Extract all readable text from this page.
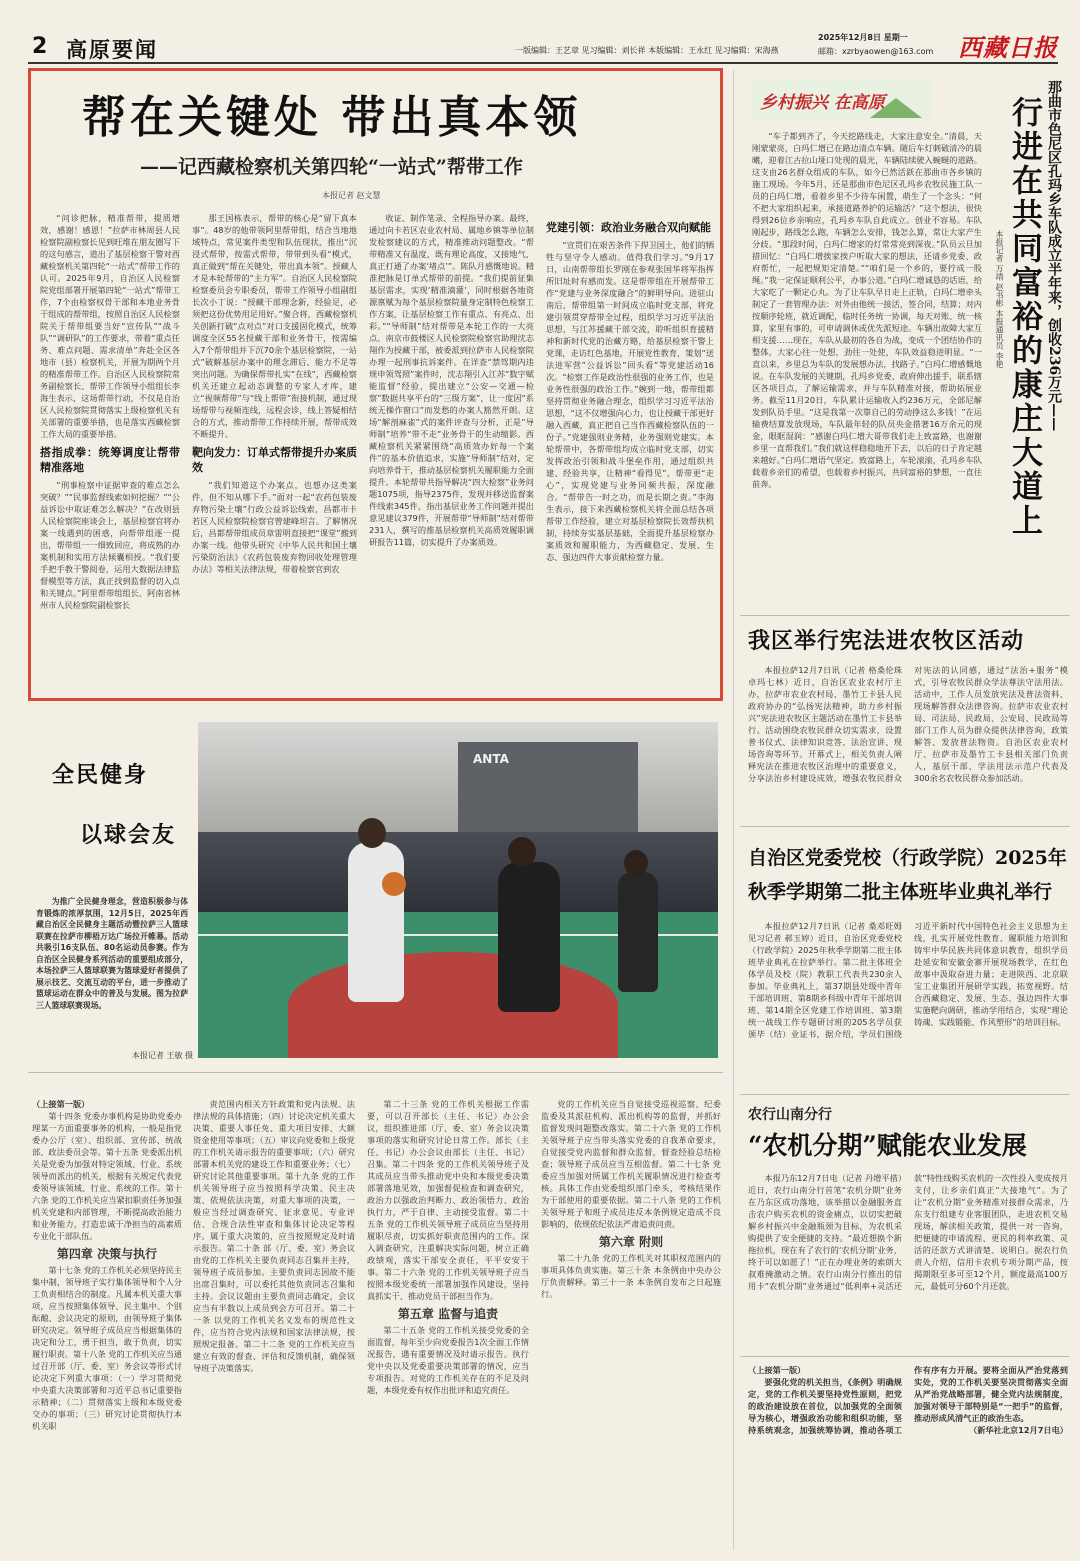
2 高原要闻	一版编辑：王艺章 见习编辑：刘长祥 本版编辑：王永红 见习编辑：宋海燕
2025年12月8日 星期一
邮箱：xzrbyaowen@163.com 西藏日报
帮在关键处 带出真本领
——记西藏检察机关第四轮“一站式”帮带工作
本报记者 赵文慧

“问诊把脉，精准帮带，提质增效，感谢！感恩！”拉萨市林周县人民检察院副检察长见到旺堆在朋友圈写下的这句感言，道出了基层检察干警对西藏检察机关第四轮“一站式”帮带工作的认可。2025年9月，自治区人民检察院党组部署开展第四轮“一站式”帮带工作，7个由检察权骨干部和本地业务骨干组成的帮带组，按照自治区人民检察院关于帮带组要当好“宣传队”“战斗队”“调研队”的工作要求，带着“重点任务、难点问题、需求清单”奔赴全区各地市（县）检察机关，开展为期两个月的精准帮带工作。自治区人民检察院常务副检察长、帮带工作领导小组组长李海生表示，这场帮带行动，不仅是自治区人民检察院贯彻落实上级检察机关有关部署的重要举措，也是落实西藏检察工作大局的重要举措。

搭指成拳：统筹调度让帮带精准落地

“刑事检察中证据审查的难点怎么突破？”“民事监督线索如何挖掘？”“公益诉讼中取证难怎么解决？”在改则县人民检察院座谈会上，基层检察官将办案一线遇到的困惑，向帮带组逐一提出，帮带组一一细致回应，将成熟的办案机制和实用方法倾囊相授。“我们要手把手教干警阅卷，运用大数据法律监督模型等方法，真正找到监督的切入点和关键点。”阿里帮带组组长、阿南省林州市人民检察院副检察长

那王国栋表示，帮带的核心是“留下真本事”。48岁的他带领阿里帮带组，结合当地地域特点，常见案件类型和队伍现状，推出“沉浸式帮带，按需式帮带，带带到头看“模式，真正做到“帮在关键处，带出真本领”。授藏人才是本轮帮带的“主力军”。自治区人民检察院检察委员会专职委员，帮带工作领导小组副组长次小丁说：“授藏干部理念新，经验足，必须把这份优势用足用好。”聚合将，西藏检察机关创新打破“点对点”对口支援固化模式，统筹调度全区55名授藏干部和业务骨干，按需编入7个帮带组并下沉70余个基层检察院，一站式”破解基层办案中的理念滞后、能力不足等突出问题。为确保帮带扎实“在线”，西藏检察机关还建立起动态调整的专家人才库，建立“视频帮带”与“线上帮带”衔接机制，通过现场帮带与视频连线，远程会诊，线上答疑相结合的方式，推动帮带工作持续开展，帮带成效不断提升。

靶向发力：订单式帮带提升办案质效

“我们知道这个办案点，也想办这类案件，但不知从哪下手。”面对一起“农药包装废弃物污染土壤”行政公益诉讼线索，昌都市卡若区人民检察院检察官曾建峰坦言。了解情况后，昌都帮带组成员章雷明直接把“课堂”搬到办案一线。他带头研究《中华人民共和国土壤污染防治法》《农药包装废弃物回收处理管理办法》等相关法律法规，带着检察官到农

收证、制作笔录、全程指导办案。最终，通过向卡若区农业农村局、属地乡镇等单位制发检察建议的方式，精准推动问题整改。“帮带精准又有温度，既有理论高度，又接地气，真正打通了办案‘堵点’”。陈队月感慨地说。精准把脉是订单式帮带的前提。“我们提前征集基层需求，实现‘精准滴灌’，同时根据各地资源禀赋为每个基层检察院量身定制特色检察工作方案，让基层检察工作有重点、有亮点、出彩。”“导师制”结对帮带是本轮工作的一大亮点。南京市鼓楼区人民检察院检察官助理沈志翔作为授藏干部，被委派到拉萨市人民检察院办理一起刑事抗诉案件。在详查“禁驾期内违规申领驾照”案件时，沈志翔引入江苏“数字赋能监督”经验，提出建立“公安—交通—检察”数据共享平台的“三级方案”，让一度因“系统无操作窗口”而发愁的办案人豁然开朗。这场“解剖麻雀”式的案件评查与分析，正是“导师制”培养“带不走”业务骨干的生动缩影。西藏检察机关紧紧围绕“高质效办好每一个案件”的基本价值追求，实施“导师制”结对，定向培养骨干，推动基层检察机关履职能力全面提升。本轮帮带共指导解决“四大检察”业务问题1075项，指导2375件，发现并移送监督案件线索345件，指出基层业务工作问题并提出意见建议379件，开展帮带“导师制”结对帮带231人，撰写的推基层检察机关高质效履职调研报告11篇，切实提升了办案质效。

党建引领：政治业务融合双向赋能

“宣贯们在艰苦条件下捍卫国土，他们的牺牲与坚守令人感动。值得我们学习。”9月17日，山南帮带组长罗刚在参观张国华将军指挥所旧址时有感而发。这是帮带组在开展帮带工作“党建与业务深度融合”的鲜明导向。进驻山南后，帮带组第一时间成立临时党支部，将党建引领贯穿帮带全过程，组织学习习近平法治思想，与江苏援藏干部交流，聆听组织育援精神和新时代党的治藏方略，给基层检察干警上党课，走访红色基地，开展党性教育，策划“送法进军营”公益诉讼”回头看”等党建活动16次。“检察工作是政治性很强的业务工作，也是业务性很强的政治工作。”婉到一地，帮带组都坚持贯彻业务融合理念，组织学习习近平法治思想，“这不仅增强向心力，也让授藏干部更好融入西藏，真正把自己当作西藏检察队伍的一份子。”党建强则业务精，业务强则党建实。本轮帮带中，各帮带组均成立临时党支部，切实发挥政治引领和战斗堡垒作用，通过组织共建、经验共享，让精神“看得见”，帮带更“走心”，实现党建与业务同频共振，深度融合。“帮带告一时之功，而是长期之责。”李海生表示，接下来西藏检察机关将全面总结各项帮带工作经验，建立对基层检察院长效帮扶机制，持续夯实基层基础，全面提升基层检察办案质效和履职能力，为西藏稳定、发展、生态、强边四件大事贡献检察力量。

乡村振兴 在高原

“车子都到齐了，今天挖路线走，大家注意安全。”清晨，天刚蒙蒙亮，白玛仁增已在路边清点车辆。随后车灯刺破清冷的晨曦，迎着江古拉山垭口处现的晨光，车辆陆续驶入蜿蜒的道路。这支由26名群众组成的车队，如今已然活跃在那曲市各乡镇的施工现场。今年5月，还是那曲市色尼区孔玛乡农牧民施工队一员的白玛仁增，看着乡里不少待车闲置，萌生了一个念头：“何不把大家组织起来，承接道路养护的运输活？”这个想法，很快得到26位乡亲响应，孔玛乡车队自此成立。创业不容易。车队刚起步，路线怎么跑，车辆怎么安排，钱怎么算，常让大家产生分歧。“那段时间，白玛仁增家的灯常常亮到深夜。”队员云旦加措回忆：“白玛仁增挨家挨户听取大家的想法，还请乡党委、政府帮忙，一起把规矩定清楚。”“咱们是一个乡的，要拧成一股绳。”我一定保证顺利公平，办事公道。”白玛仁增诚恳的话语，给大家吃了一颗定心丸。为了让车队早日走上正轨，白玛仁增牵头制定了一套管理办法：对外由他统一接活，签合同，结算；对内按顺序轮班，就近调配，临时任务统一协调，每天对账、统一核算，家里有事的，可申请调休或优先派短途。车辆出故障大家互相支援……现在，车队从最初的各自为战，变成一个团结协作的整体，大家心往一处想，劲往一处使，车队效益稳进明显。“一直以来，乡里总为车队的发展想办法，找路子。”白玛仁增感慨地说。在车队发展的关键期，孔玛乡党委、政府伸出援手，联系辖区各项目点，了解运输需求，并与车队精准对接，帮助拓展业务。截至11月20日，车队累计运输收入约236万元，全部尼解发到队员手里。“这是我第一次靠自己的劳动挣这么多钱！”在运输费结算发放现场，车队最年轻的队员央金措著16万余元的现金，眼眶湿润：“感谢白玛仁增大哥带我们走上致富路，也谢谢乡里一直帮我们。”我们就这样稳稳地开下去，以后的日子肯定越来越好。”白玛仁增语气坚定。致富路上，车轮滚滚，孔玛乡车队载着乡亲们的希望，也载着乡村振兴，共同富裕的梦想，一直往前奔。

本报记者 万靖 赵书彬 本报通讯员 李艳	那曲市色尼区孔玛乡车队成立半年来，创收236万元——
行进在共同富裕的康庄大道上
我区举行宪法进农牧区活动

本报拉萨12月7日讯（记者 格桑伦珠 卓玛七林）近日，自治区农业农村厅主办，拉萨市农业农村局、墨竹工卡县人民政府协办的“弘扬宪法精神，助力乡村振兴”宪法进农牧区主题活动在墨竹工卡县举行。活动围绕农牧民群众切实需求，设置普书仪式、法律知识竞答、法治宣讲、现场咨询等环节。开幕式上，相关负责人阐释宪法在推进农牧区治理中的重要意义，分享法治乡村建设成效，增强农牧民群众对宪法的认同感，通过“法治+服务”模式，引导农牧民群众学法尊法守法用法。活动中，工作人员发放宪法及普法资料、现场解答群众法律咨询。拉萨市农业农村局、司法局、民政局、公安局、民政局等部门工作人员为群众提供法律咨询，政策解答、发放普法物资。自治区农业农村厅、拉萨市及墨竹工卡县相关部门负责人，基层干部、学法用法示范户代表及300余名农牧民群众参加活动。

自治区党委党校（行政学院）2025年
秋季学期第二批主体班毕业典礼举行

本报拉萨12月7日讯（记者 桑邓旺姆 见习记者 郝玉婷）近日，自治区党委党校（行政学院）2025年秋季学期第二批主体班毕业典礼在拉萨举行。第二批主体班全体学员及校（院）教职工代表共230余人参加。毕业典礼上，第37期县处级中青年干部培训班、第8期乡科级中青年干部培训班、第14期全区党建工作培训班、第3期统一战线工作专题研讨班的205名学员获颁毕（结）业证书，据介绍，学员们围绕习近平新时代中国特色社会主义思想为主线，扎实开展党性教育、履职能力培训和铸牢中华民族共同体意识教育，组织学员赴延安和安徽金寨开展现场教学，在红色故事中汲取奋进力量；走进陕西、北京联宝工业集团开展研学实践，拓宽视野。结合西藏稳定、发展、生态、强边四件大事实施靶向调研，推动学用结合，实现“理论铸魂、实践锻能、作风塑形”的培训目标。

农行山南分行
“农机分期”赋能农业发展

本报乃东12月7日电（记者 丹增平措）近日，农行山南分行首笔“农机分期”业务在乃东区成功落地，该举措以金融服务直击农户购买农机的资金痛点，以切实把破解乡村振兴中金融瓶颈为目标，为农机采购提供了安全便捷的支持。“最近想换个新拖拉机，现在有了农行的‘农机分期’业务，终于可以如愿了！”正在办理业务的索朗大叔难掩激动之情。农行山南分行推出的信用卡“农机分期”业务通过“低利率+灵活还款”特性线购买农机的一次性投入变成按月支付，让乡亲们真正“大接地气”。为了让“农机分期”业务精准对接群众需求，乃东支行组建专业客服团队，走进农机交易现场，解读相关政策，提供一对一咨询，把便捷的申请流程、更民的利率政策、灵活的还款方式讲清楚、说明白。据农行负责人介绍，信用卡农机专项分期产品，按揭期限至多可至12个月，额度最高100万元，最低可分60个月还款。

（上接第一版）

要强化党的机关担当，《条例》明确规定，党的工作机关要坚持党性原则，把党的政治建设放在首位，以加强党的全面领导为核心，增强政治功能和组织功能，坚持系统观念，加强统筹协调，推动各项工作有序有力开展。要将全面从严治党落到实处，党的工作机关要坚决贯彻落实全面从严治党战略部署，健全党内法规制度，加强对领导干部特别是“一把手”的监督，推动形成风清气正的政治生态。

（新华社北京12月7日电）
全民健身
以球会友

为推广全民健身理念，营造积极参与体育锻炼的浓厚氛围，12月5日，2025年西藏自治区全民健身主题活动暨拉萨三人篮球联赛在拉萨市柳梧万达广场拉开帷幕。活动共吸引16支队伍、80名运动员参赛。作为自治区全民健身系列活动的重要组成部分，本场拉萨三人篮球联赛为篮球爱好者提供了展示技艺、交流互动的平台，进一步推动了篮球运动在群众中的普及与发展。图为拉萨三人篮球联赛现场。

本报记者 王敏 摄
ANTA
（上接第一版）

第十四条 党委办事机构是协助党委办理某一方面重要事务的机构，一般是指党委办公厅（室）、组织部、宣传部、统战部、政法委员会等。第十五条 党委派出机关是党委为加强对特定领域、行业、系统领导而派出的机关，根据有关规定代表党委领导该领域、行业、系统的工作。第十六条 党的工作机关应当紧扣职责任务加强机关党建和内部管理，不断提高政治能力和业务能力，打造忠诚干净担当的高素质专业化干部队伍。

第四章 决策与执行

第十七条 党的工作机关必须坚持民主集中制，领导班子实行集体领导和个人分工负责相结合的制度。凡属本机关重大事项，应当按照集体领导、民主集中、个别酝酿、会议决定的原则，由领导班子集体研究决定。领导班子成员应当根据集体的决定和分工，勇于担当，敢于负责，切实履行职责。第十八条 党的工作机关应当通过召开部（厅、委、室）务会议等形式讨论决定下列重大事项：（一）学习贯彻党中央重大决策部署和习近平总书记重要指示精神；（二）贯彻落实上级和本级党委交办的事项；（三）研究讨论贯彻执行本机关职

责范围内相关方针政策和党内法规、法律法规的具体措施；（四）讨论决定机关重大决策、重要人事任免、重大项目安排、大额资金使用等事项；（五）审议向党委和上级党的工作机关请示报告的重要事项；（六）研究部署本机关党的建设工作和重要业务；（七）研究讨论其他重要事项。第十九条 党的工作机关领导班子应当按照科学决策、民主决策、依规依法决策，对重大事项的决策，一般应当经过调查研究、征求意见、专业评估、合规合法性审查和集体讨论决定等程序。属于重大决策的，应当按照规定及时请示报告。第二十条 部（厅、委、室）务会议由党的工作机关主要负责同志召集并主持，领导班子成员参加。主要负责同志因故不能出席召集时，可以委托其他负责同志召集和主持。会议议题由主要负责同志确定，会议应当有半数以上成员到会方可召开。第二十一条 以党的工作机关名义发布的规范性文件，应当符合党内法规和国家法律法规，按照规定报备。第二十二条 党的工作机关应当建立有效的督查、评估和反馈机制，确保领导班子决策落实。

第二十三条 党的工作机关根据工作需要，可以召开部长（主任、书记）办公会议，组织推进部（厅、委、室）务会议决策事项的落实和研究讨论日常工作。部长（主任、书记）办公会议由部长（主任、书记）召集。第二十四条 党的工作机关领导班子及其成员应当带头推动党中央和本级党委决策部署落地见效，加强督促检查和调查研究，政治力以强政治判断力、政治领悟力、政治执行力，严于自律、主动接受监督。第二十五条 党的工作机关领导班子成员应当坚持用履职尽责，切实抓好职责范围内的工作。深入调查研究，注重解决实际问题，树立正确政绩观，落实干部安全责任，平平安安干事。第二十六条 党的工作机关领导班子应当按照本级党委统一部署加强作风建设，坚持真抓实干、推动党员干部担当作为。

第五章 监督与追责

第二十五条 党的工作机关接受党委的全面监督，每年至少向党委报告1次全面工作情况报告，遇有重要情况及时请示报告。执行党中央以及党委重要决策部署的情况，应当专项报告。对党的工作机关存在的不足及问题，本级党委有权作出批评和追究责任。

党的工作机关应当自觉接受巡视巡察、纪委监委及其派驻机构、派出机构等的监督，并抓好监督发现问题整改落实。第二十六条 党的工作机关领导班子应当带头落实党委的自我革命要求，自觉接受党内监督和群众监督，督查经验总结检查；领导班子成员应当互相监督。第二十七条 党委应当加强对所属工作机关履职情况进行检查考核。具体工作由党委组织部门牵头，考核结果作为干部使用的重要依据。第二十八条 党的工作机关领导班子和班子成员违反本条例规定造成不良影响的，依规依纪依法严肃追责问责。

第六章 附则

第二十九条 党的工作机关对其职权范围内的事项具体负责实施。第三十条 本条例由中央办公厅负责解释。第三十一条 本条例自发布之日起施行。
